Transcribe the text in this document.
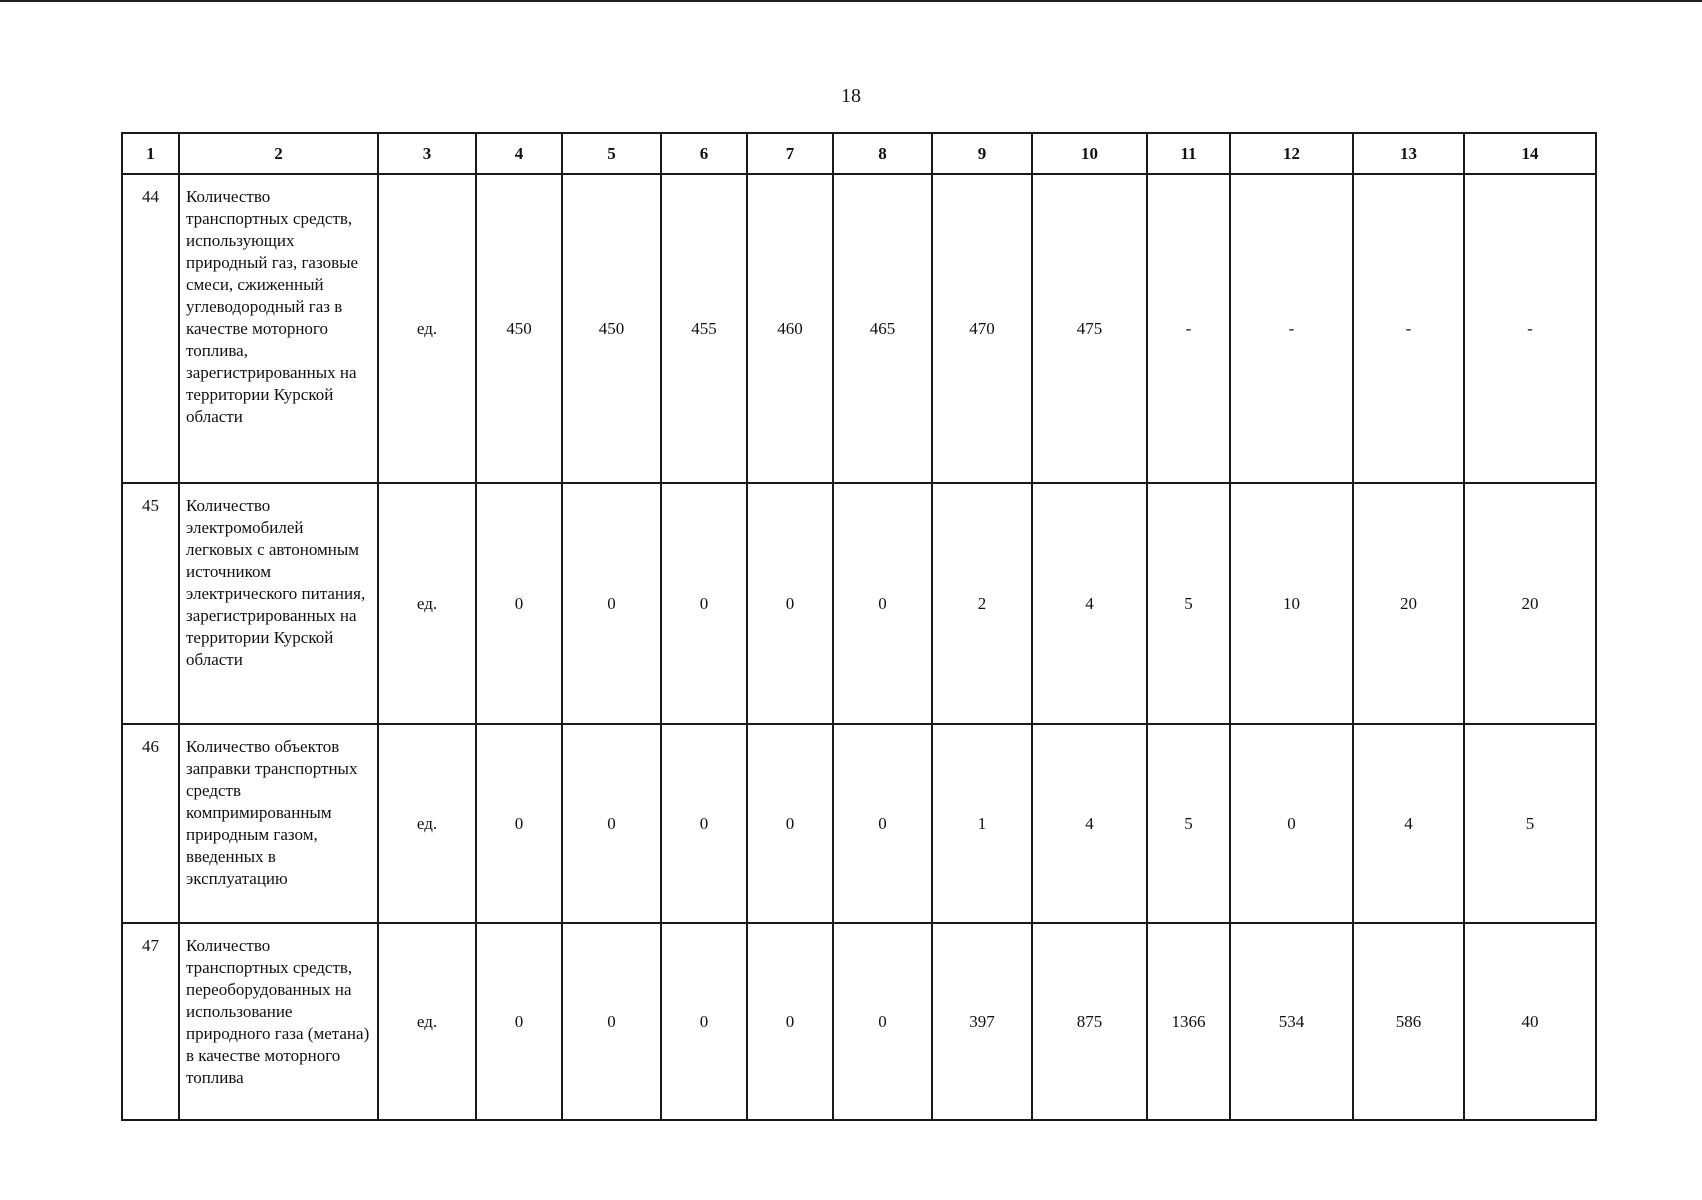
18
1	2	3	4	5	6	7	8	9	10	11	12	13	14
44	Количество транспортных средств, использующих природный газ, газовые смеси, сжиженный углеводородный газ в качестве моторного топлива, зарегистрированных на территории Курской области	ед.	450	450	455	460	465	470	475	-	-	-	-
45	Количество электромобилей легковых с автономным источником электрического питания, зарегистрированных на территории Курской области	ед.	0	0	0	0	0	2	4	5	10	20	20
46	Количество объектов заправки транспортных средств компримированным природным газом, введенных в эксплуатацию	ед.	0	0	0	0	0	1	4	5	0	4	5
47	Количество транспортных средств, переоборудованных на использование природного газа (метана) в качестве моторного топлива	ед.	0	0	0	0	0	397	875	1366	534	586	40
